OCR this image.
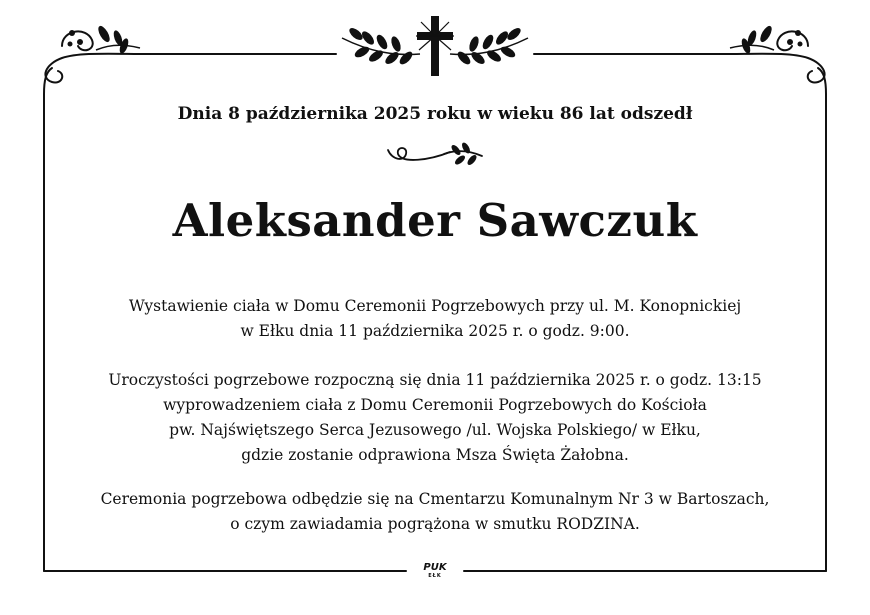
Dnia 8 października 2025 roku w wieku 86 lat odszedł
Aleksander Sawczuk
Wystawienie ciała w Domu Ceremonii Pogrzebowych przy ul. M. Konopnickiej
w Ełku dnia 11 października 2025 r. o godz. 9:00.
Uroczystości pogrzebowe rozpoczną się dnia 11 października 2025 r. o godz. 13:15
wyprowadzeniem ciała z Domu Ceremonii Pogrzebowych do Kościoła
pw. Najświętszego Serca Jezusowego /ul. Wojska Polskiego/ w Ełku,
gdzie zostanie odprawiona Msza Święta Żałobna.
Ceremonia pogrzebowa odbędzie się na Cmentarzu Komunalnym Nr 3 w Bartoszach,
o czym zawiadamia pogrążona w smutku RODZINA.
PUK
EŁK
